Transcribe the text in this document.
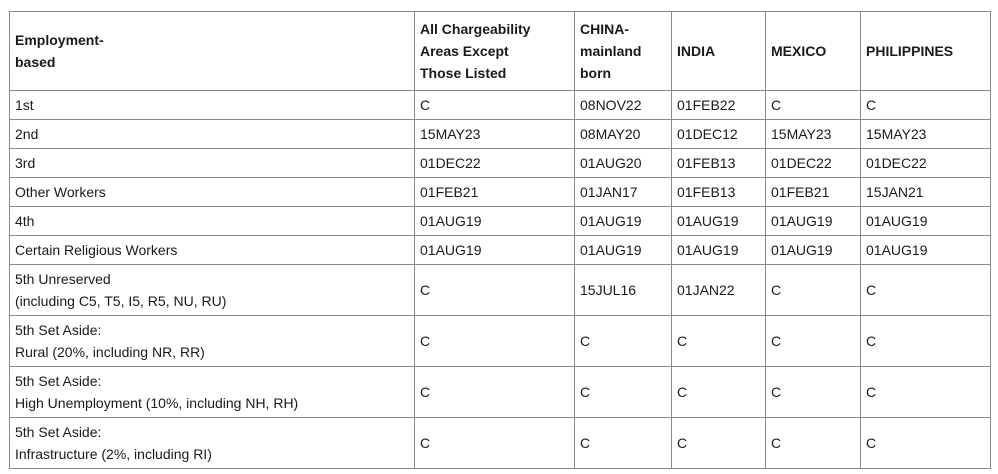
Employment-
based	All Chargeability
Areas Except
Those Listed	CHINA-
mainland
born	INDIA	MEXICO	PHILIPPINES

1st	C	08NOV22	01FEB22	C	C

2nd	15MAY23	08MAY20	01DEC12	15MAY23	15MAY23

3rd	01DEC22	01AUG20	01FEB13	01DEC22	01DEC22

Other Workers	01FEB21	01JAN17	01FEB13	01FEB21	15JAN21

4th	01AUG19	01AUG19	01AUG19	01AUG19	01AUG19

Certain Religious Workers	01AUG19	01AUG19	01AUG19	01AUG19	01AUG19

5th Unreserved
(including C5, T5, I5, R5, NU, RU)	C	15JUL16	01JAN22	C	C

5th Set Aside:
Rural (20%, including NR, RR)	C	C	C	C	C

5th Set Aside:
High Unemployment (10%, including NH, RH)	C	C	C	C	C

5th Set Aside:
Infrastructure (2%, including RI)	C	C	C	C	C
